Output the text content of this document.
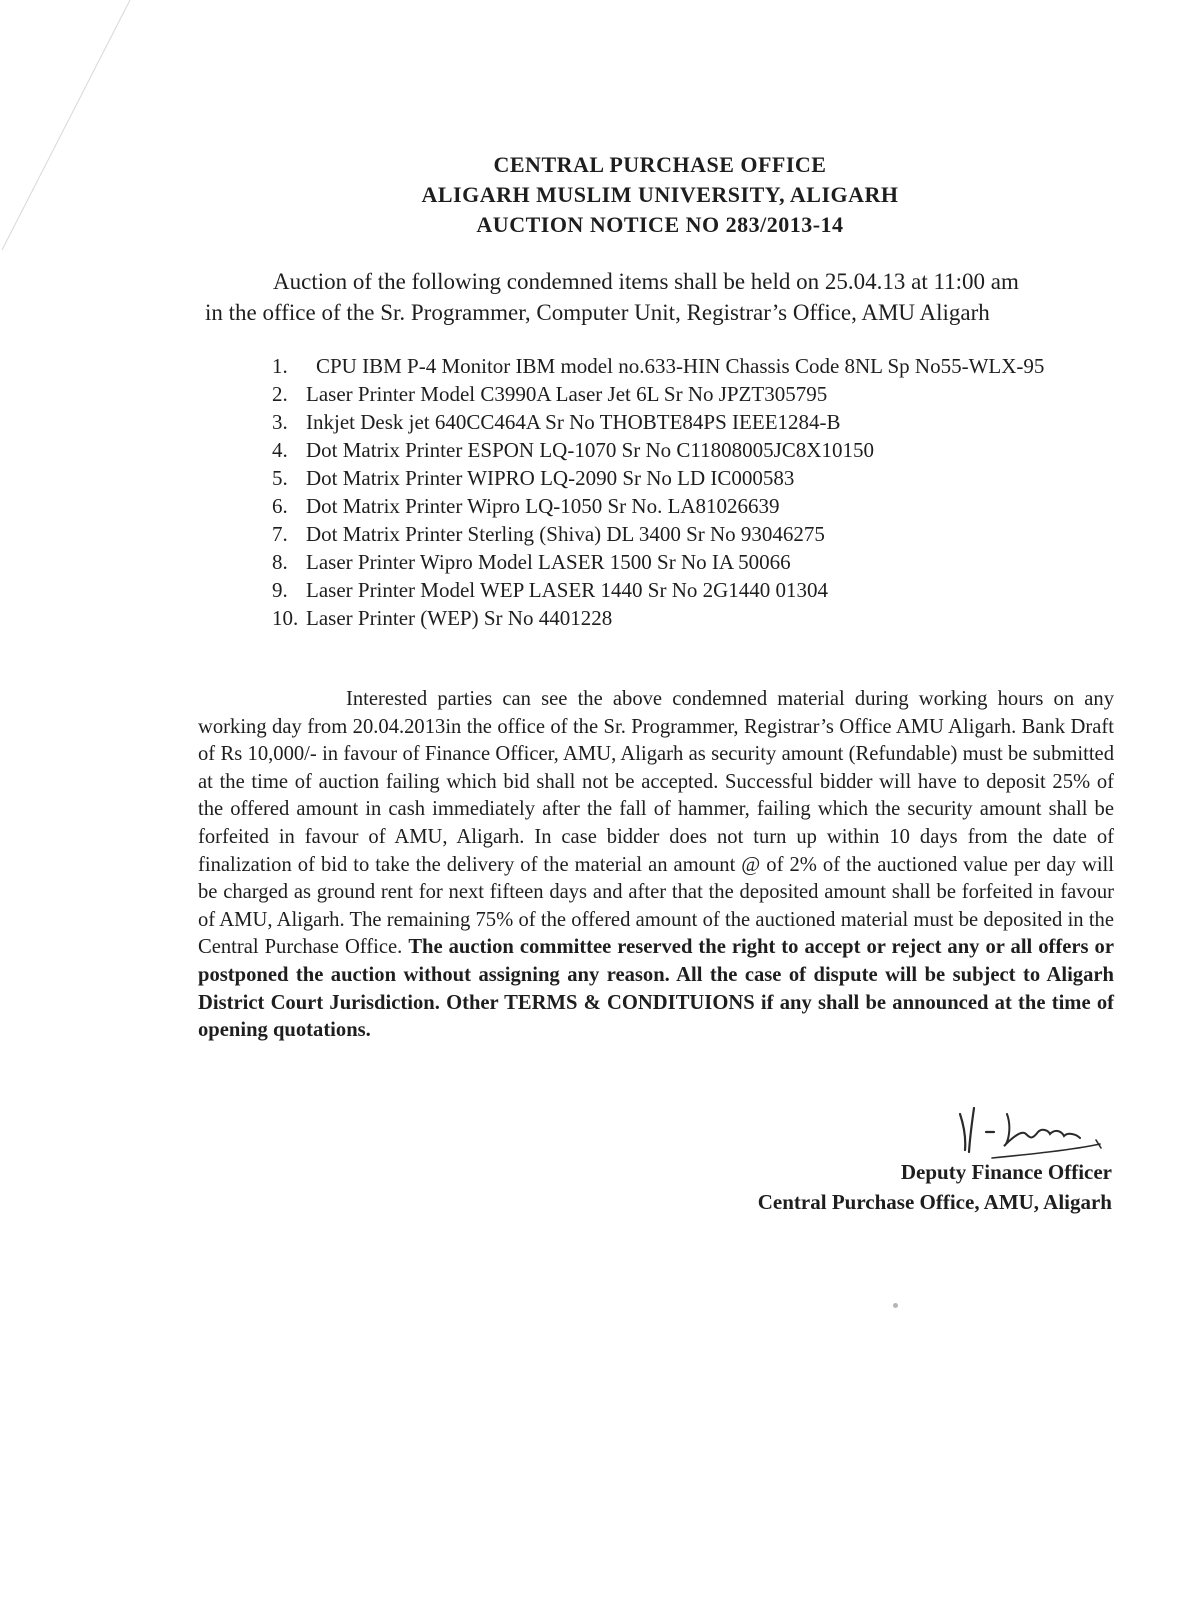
CENTRAL PURCHASE OFFICE
ALIGARH MUSLIM UNIVERSITY, ALIGARH
AUCTION NOTICE NO 283/2013-14
Auction of the following condemned items shall be held on 25.04.13 at 11:00 am
in the office of the Sr. Programmer, Computer Unit, Registrar’s Office, AMU Aligarh
1. CPU IBM P-4 Monitor IBM model no.633-HIN Chassis Code 8NL Sp No55-WLX-95
2. Laser Printer Model C3990A Laser Jet 6L Sr No JPZT305795
3. Inkjet Desk jet 640CC464A Sr No THOBTE84PS IEEE1284-B
4. Dot Matrix Printer ESPON LQ-1070 Sr No C11808005JC8X10150
5. Dot Matrix Printer WIPRO LQ-2090 Sr No LD IC000583
6. Dot Matrix Printer Wipro LQ-1050 Sr No. LA81026639
7. Dot Matrix Printer Sterling (Shiva) DL 3400 Sr No 93046275
8. Laser Printer Wipro Model LASER 1500 Sr No IA 50066
9. Laser Printer Model WEP LASER 1440 Sr No 2G1440 01304
10. Laser Printer (WEP) Sr No 4401228
Interested parties can see the above condemned material during working hours on any working day from 20.04.2013in the office of the Sr. Programmer, Registrar’s Office AMU Aligarh. Bank Draft of Rs 10,000/- in favour of Finance Officer, AMU, Aligarh as security amount (Refundable) must be submitted at the time of auction failing which bid shall not be accepted. Successful bidder will have to deposit 25% of the offered amount in cash immediately after the fall of hammer, failing which the security amount shall be forfeited in favour of AMU, Aligarh. In case bidder does not turn up within 10 days from the date of finalization of bid to take the delivery of the material an amount @ of 2% of the auctioned value per day will be charged as ground rent for next fifteen days and after that the deposited amount shall be forfeited in favour of AMU, Aligarh. The remaining 75% of the offered amount of the auctioned material must be deposited in the Central Purchase Office. The auction committee reserved the right to accept or reject any or all offers or postponed the auction without assigning any reason. All the case of dispute will be subject to Aligarh District Court Jurisdiction. Other TERMS & CONDITUIONS if any shall be announced at the time of opening quotations.
Deputy Finance Officer
Central Purchase Office, AMU, Aligarh
